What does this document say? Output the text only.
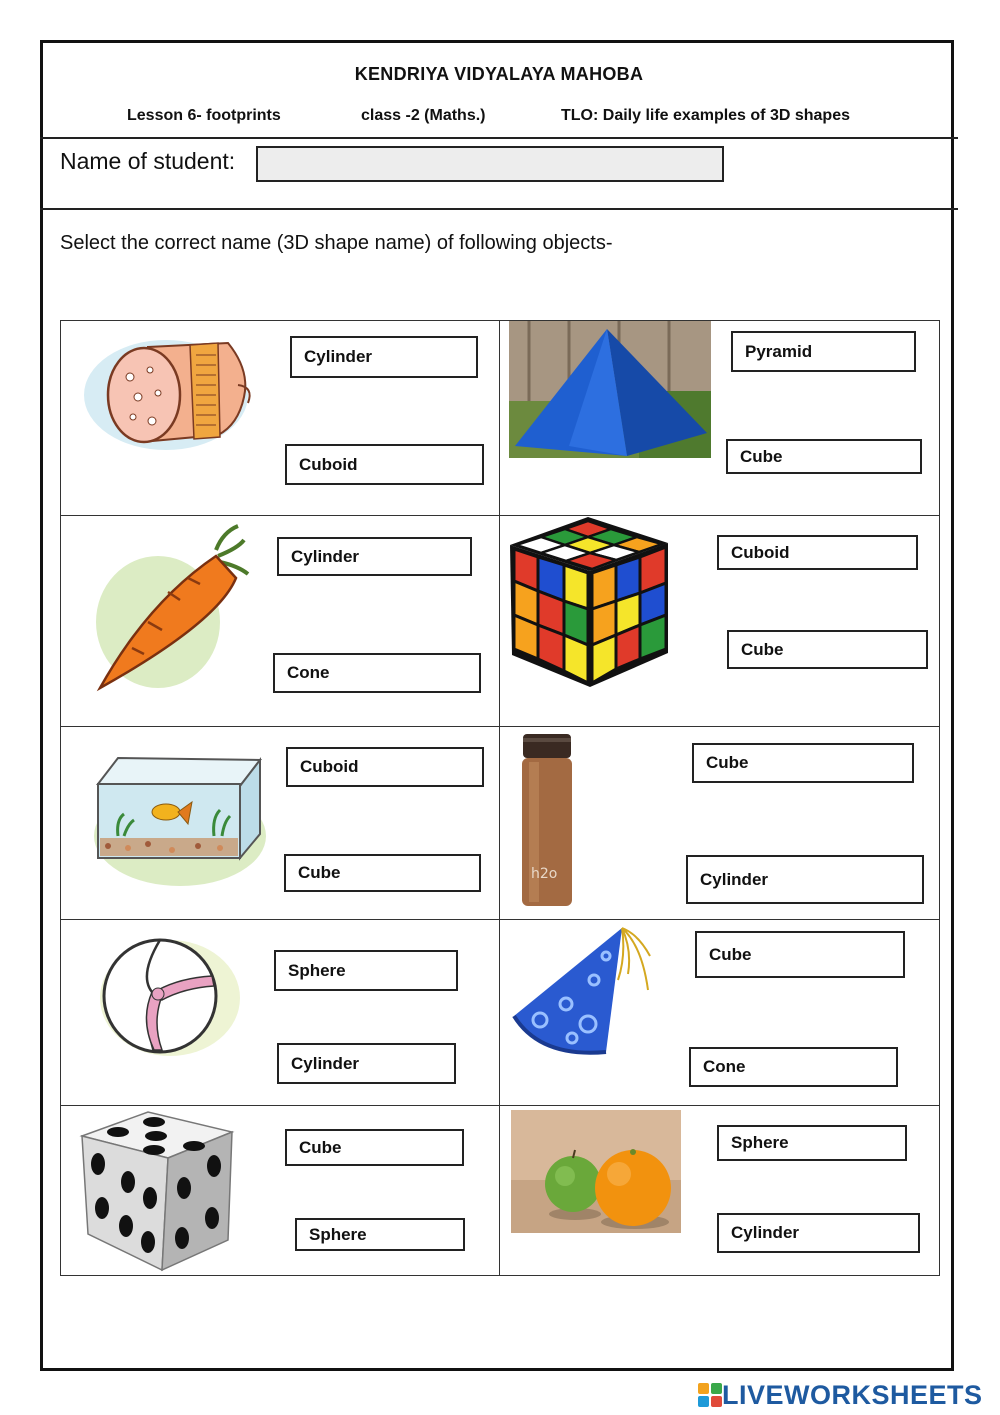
KENDRIYA VIDYALAYA MAHOBA
Lesson 6- footprints	class -2 (Maths.)	TLO: Daily life examples of 3D shapes
Name of student:
Select the correct name (3D shape name) of following objects-
Cylinder
Cuboid
Pyramid
Cube
Cylinder
Cone
Cuboid
Cube
Cuboid
Cube	h2o
Cube
Cylinder
Sphere
Cylinder
Cube
Cone
Cube
Sphere
Sphere
Cylinder
LIVEWORKSHEETS
